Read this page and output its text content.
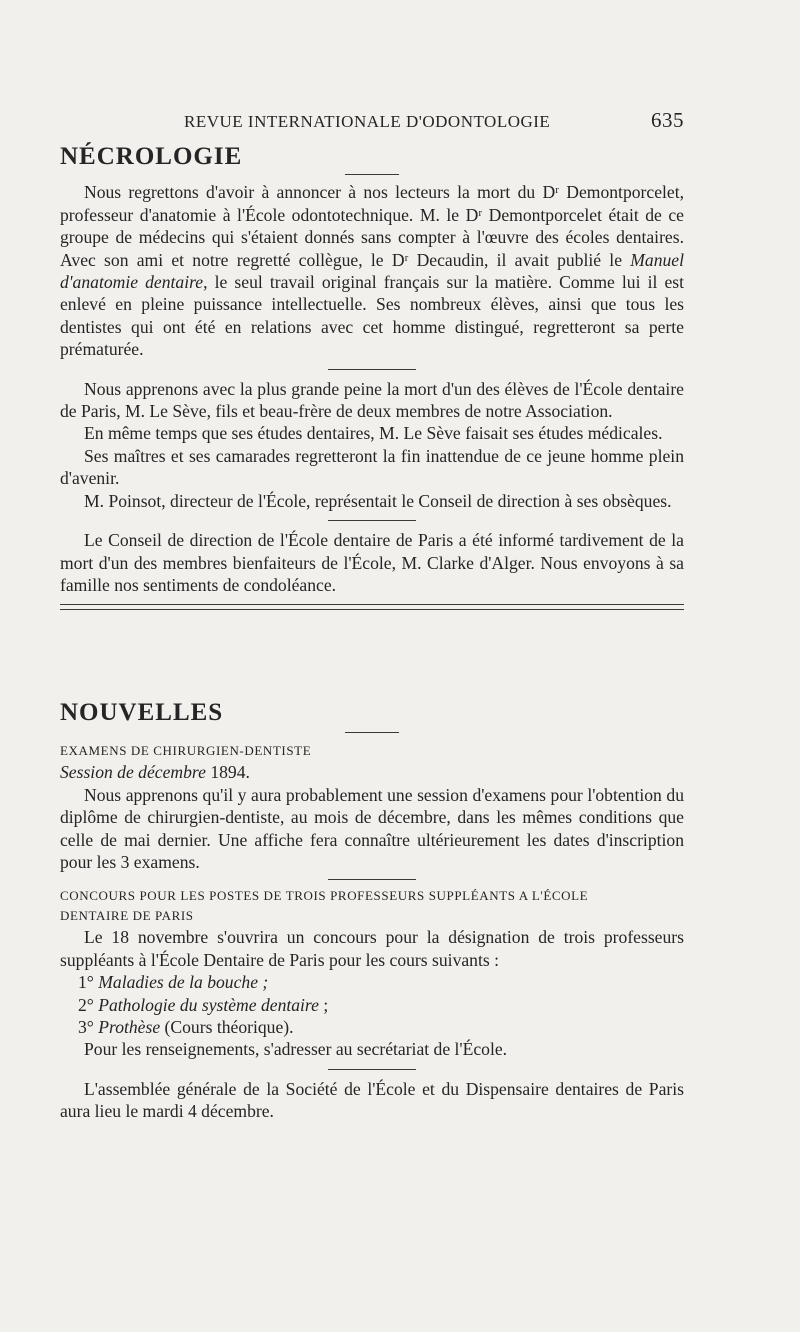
REVUE INTERNATIONALE D'ODONTOLOGIE	635

NÉCROLOGIE

Nous regrettons d'avoir à annoncer à nos lecteurs la mort du Dʳ Demontporcelet, professeur d'anatomie à l'École odontotechnique. M. le Dʳ Demontporcelet était de ce groupe de médecins qui s'étaient donnés sans compter à l'œuvre des écoles dentaires. Avec son ami et notre regretté collègue, le Dʳ Decaudin, il avait publié le Manuel d'anatomie dentaire, le seul travail original français sur la matière. Comme lui il est enlevé en pleine puissance intellectuelle. Ses nombreux élèves, ainsi que tous les dentistes qui ont été en relations avec cet homme distingué, regretteront sa perte prématurée.

Nous apprenons avec la plus grande peine la mort d'un des élèves de l'École dentaire de Paris, M. Le Sève, fils et beau-frère de deux membres de notre Association.

En même temps que ses études dentaires, M. Le Sève faisait ses études médicales.

Ses maîtres et ses camarades regretteront la fin inattendue de ce jeune homme plein d'avenir.

M. Poinsot, directeur de l'École, représentait le Conseil de direction à ses obsèques.

Le Conseil de direction de l'École dentaire de Paris a été informé tardivement de la mort d'un des membres bienfaiteurs de l'École, M. Clarke d'Alger. Nous envoyons à sa famille nos sentiments de condoléance.

NOUVELLES

EXAMENS DE CHIRURGIEN-DENTISTE

Session de décembre 1894.

Nous apprenons qu'il y aura probablement une session d'examens pour l'obtention du diplôme de chirurgien-dentiste, au mois de décembre, dans les mêmes conditions que celle de mai dernier. Une affiche fera connaître ultérieurement les dates d'inscription pour les 3 examens.

CONCOURS POUR LES POSTES DE TROIS PROFESSEURS SUPPLÉANTS A L'ÉCOLE
DENTAIRE DE PARIS

Le 18 novembre s'ouvrira un concours pour la désignation de trois professeurs suppléants à l'École Dentaire de Paris pour les cours suivants :

1° Maladies de la bouche ;
2° Pathologie du système dentaire ;
3° Prothèse (Cours théorique).

Pour les renseignements, s'adresser au secrétariat de l'École.

L'assemblée générale de la Société de l'École et du Dispensaire dentaires de Paris aura lieu le mardi 4 décembre.
